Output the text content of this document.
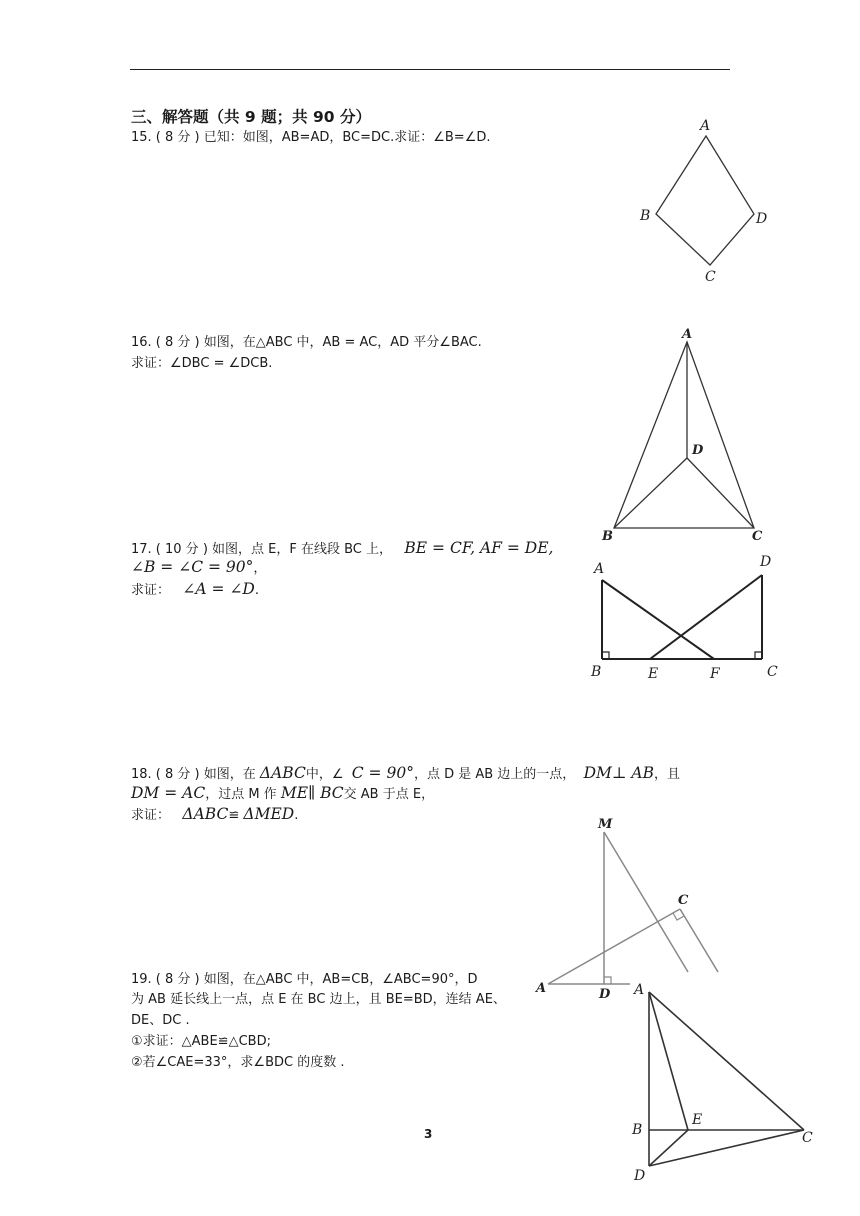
三、解答题（共 9 题；共 90 分）
15. ( 8 分 ) 已知：如图，AB=AD，BC=DC.求证：∠B=∠D.
A
B	D
C
16. ( 8 分 ) 如图，在△ABC 中，AB = AC，AD 平分∠BAC.
求证：∠DBC = ∠DCB.
A
D
B	C
17. ( 10 分 ) 如图，点 E，F 在线段 BC 上， BE = CF, AF = DE,
∠B = ∠C = 90°，
求证： ∠A = ∠D.
A	D
B	E	F	C
18. ( 8 分 ) 如图，在 ΔABC中，∠ C = 90°，点 D 是 AB 边上的一点， DM⊥ AB，且
DM = AC，过点 M 作 ME∥ BC交 AB 于点 E，
求证： ΔABC≌ ΔMED.
M
C
A	D
19. ( 8 分 ) 如图，在△ABC 中，AB=CB，∠ABC=90°，D
为 AB 延长线上一点，点 E 在 BC 边上，且 BE=BD，连结 AE、
DE、DC .
①求证：△ABE≌△CBD;
②若∠CAE=33°，求∠BDC 的度数 .
A
E
B	C
D
3
